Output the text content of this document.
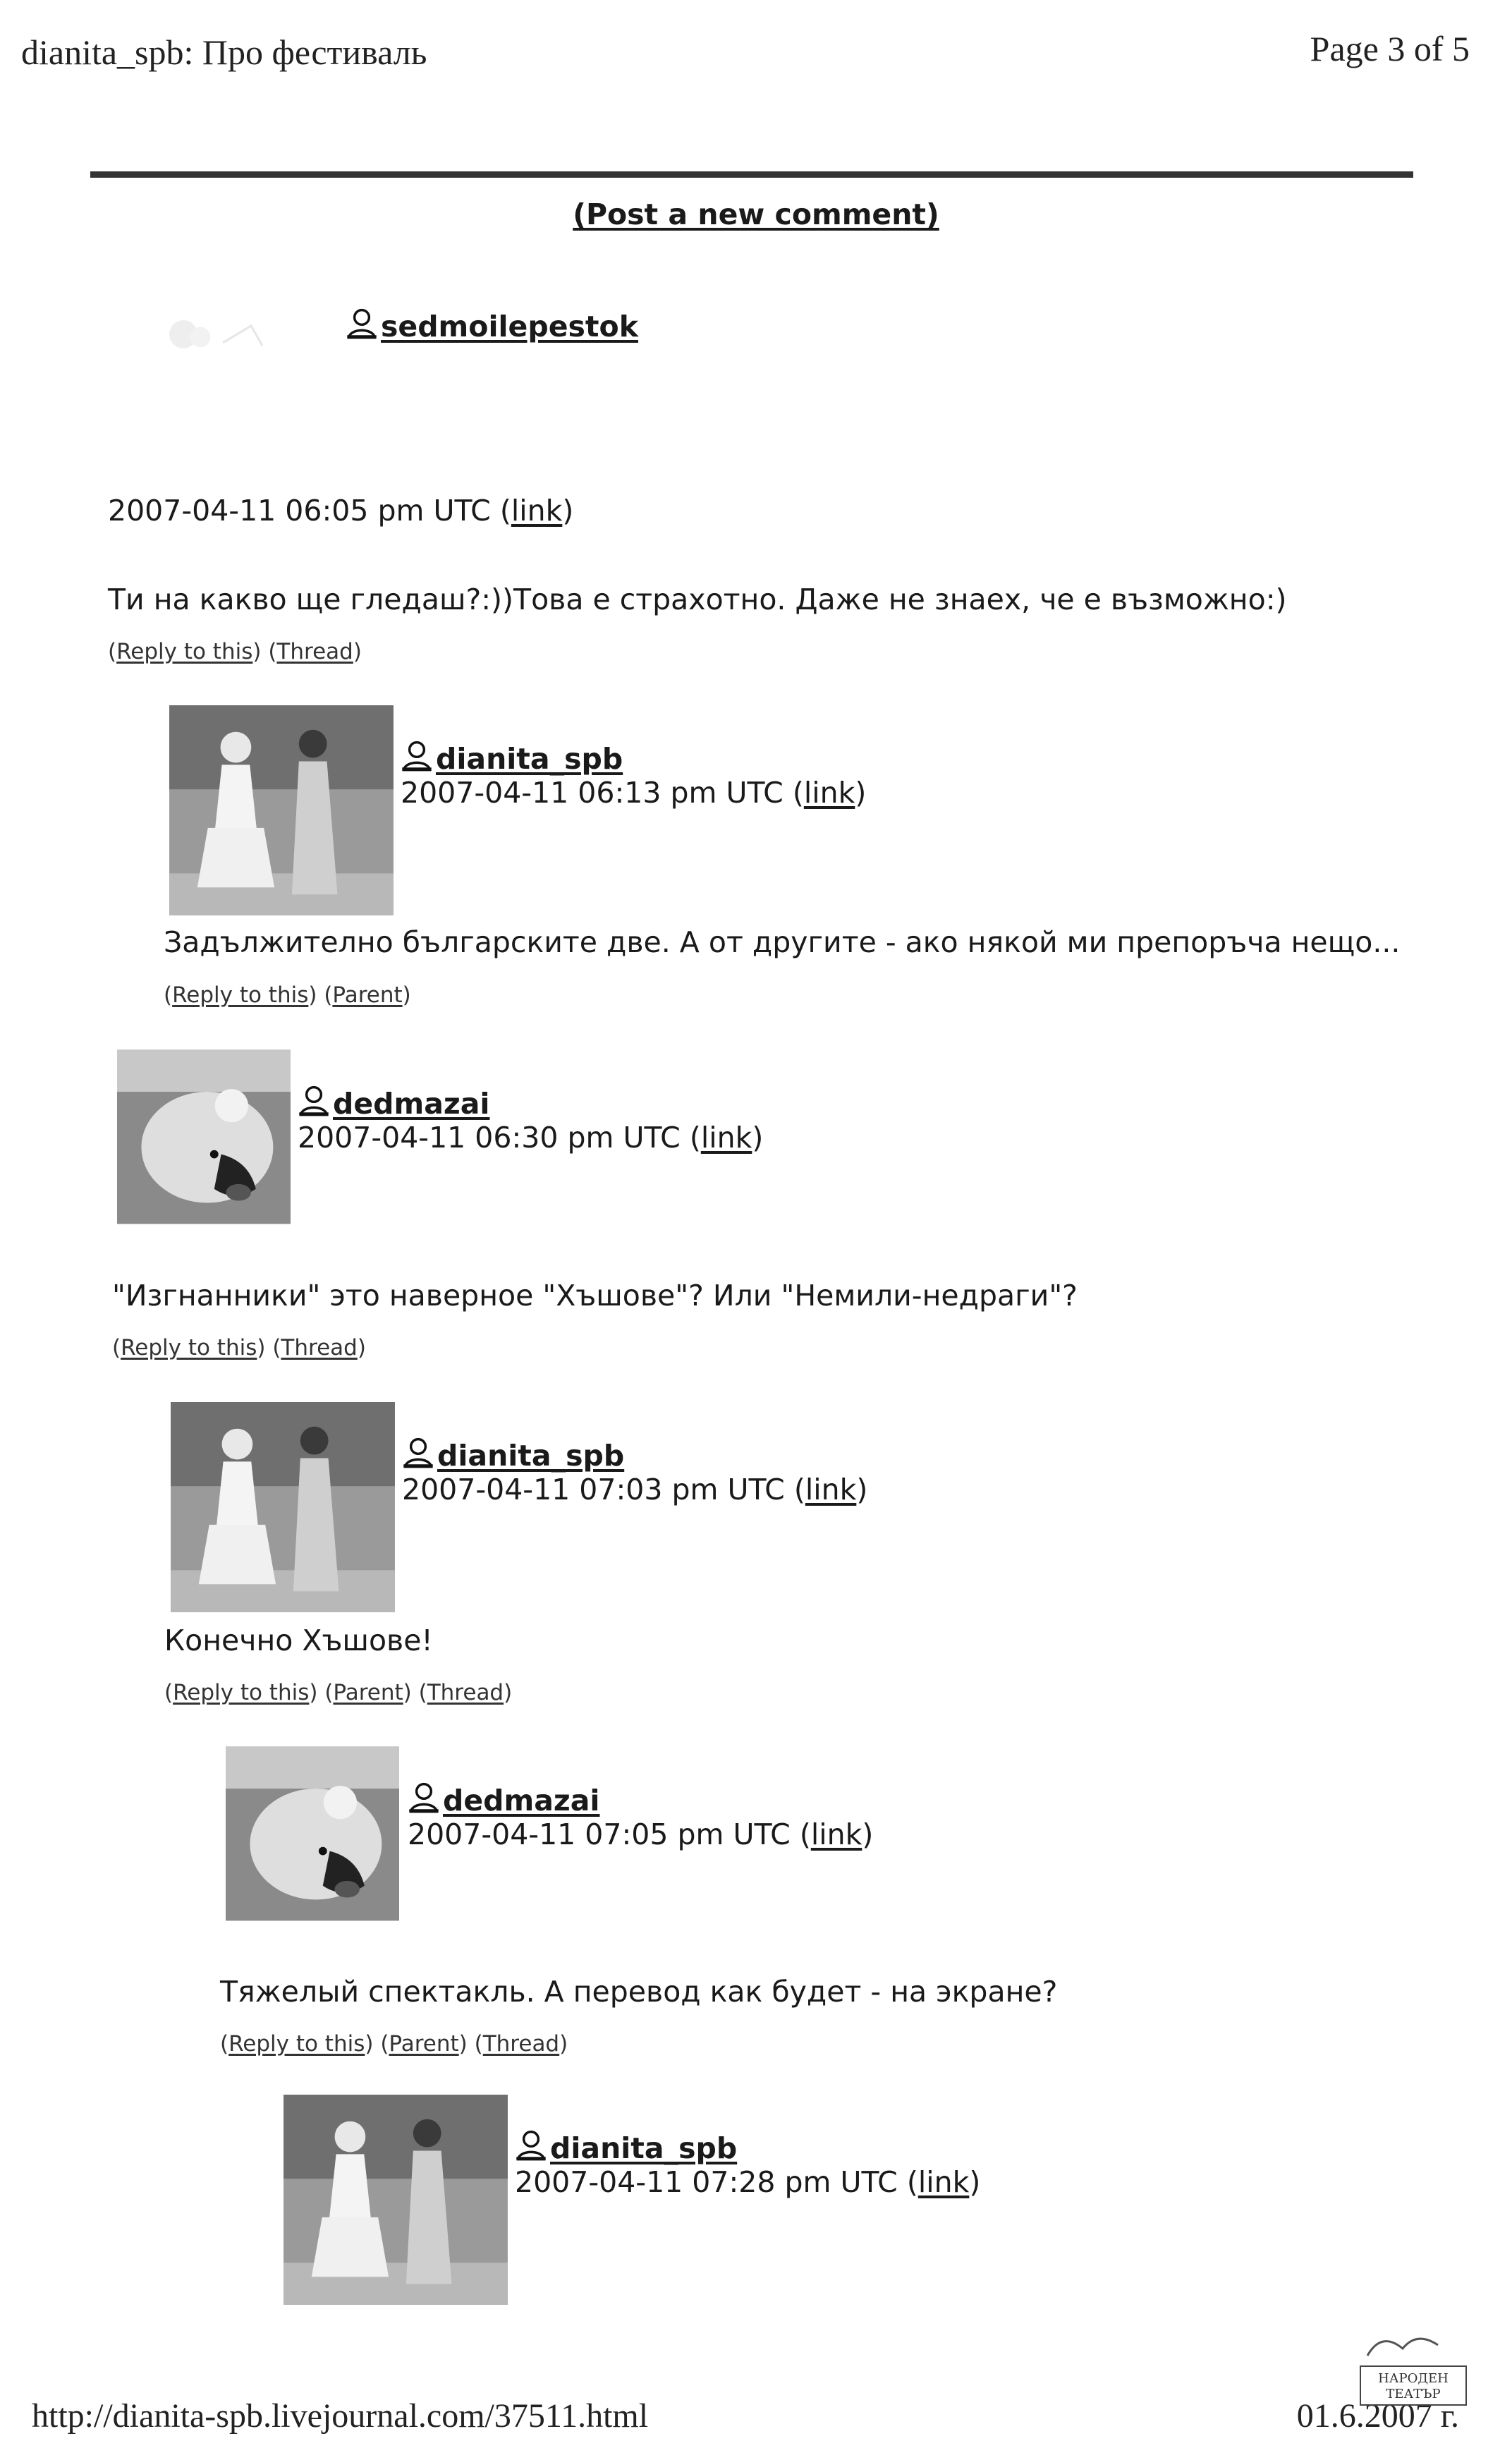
dianita_spb: Про фестиваль	Page 3 of 5
(Post a new comment)
sedmoilepestok
2007-04-11 06:05 pm UTC (link)
Ти на какво ще гледаш?:))Това е страхотно. Даже не знаех, че е възможно:)
(Reply to this) (Thread)
dianita_spb
2007-04-11 06:13 pm UTC (link)
Задължително българските две. А от другите - ако някой ми препоръча нещо...
(Reply to this) (Parent)
dedmazai
2007-04-11 06:30 pm UTC (link)
"Изгнанники" это наверное "Хъшове"? Или "Немили-недраги"?
(Reply to this) (Thread)
dianita_spb
2007-04-11 07:03 pm UTC (link)
Конечно Хъшове!
(Reply to this) (Parent) (Thread)
dedmazai
2007-04-11 07:05 pm UTC (link)
Тяжелый спектакль. А перевод как будет - на экране?
(Reply to this) (Parent) (Thread)
dianita_spb
2007-04-11 07:28 pm UTC (link)
http://dianita-spb.livejournal.com/37511.html	01.6.2007 г.
НАРОДЕН
ТЕАТЪР
